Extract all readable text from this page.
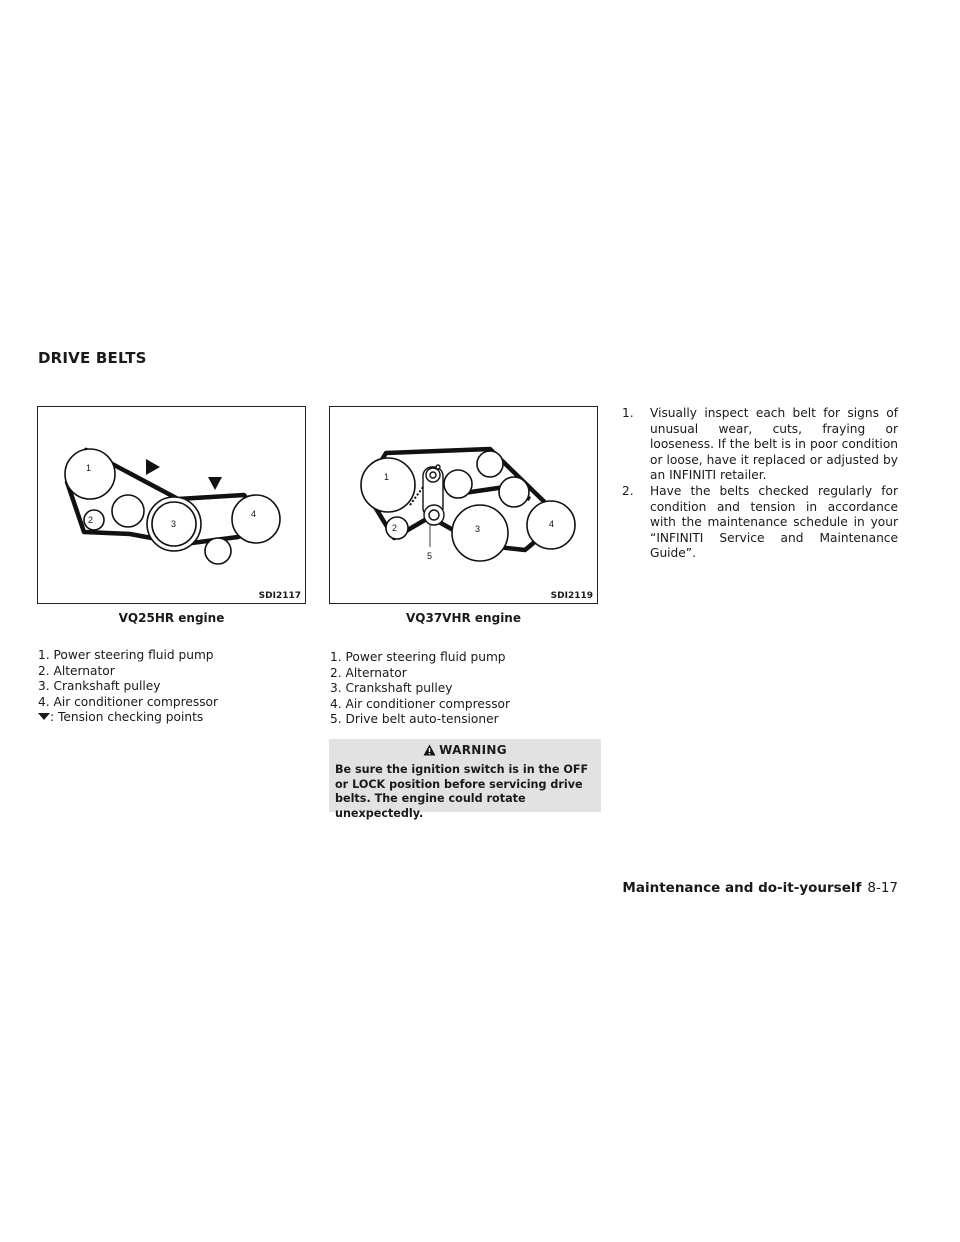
DRIVE BELTS
1
2	3
4
SDI2117
VQ25HR engine
1
2	3	4
5
SDI2119
VQ37VHR engine
1. Power steering fluid pump
2. Alternator
3. Crankshaft pulley
4. Air conditioner compressor
: Tension checking points
1. Power steering fluid pump
2. Alternator
3. Crankshaft pulley
4. Air conditioner compressor
5. Drive belt auto-tensioner
WARNING
Be sure the ignition switch is in the OFF or LOCK position before servicing drive belts. The engine could rotate unexpectedly.
1. Visually inspect each belt for signs of unusual wear, cuts, fraying or looseness. If the belt is in poor condition or loose, have it replaced or adjusted by an INFINITI retailer.
2. Have the belts checked regularly for condition and tension in accordance with the maintenance schedule in your “INFINITI Service and Maintenance Guide”.
Maintenance and do-it-yourself 8-17
